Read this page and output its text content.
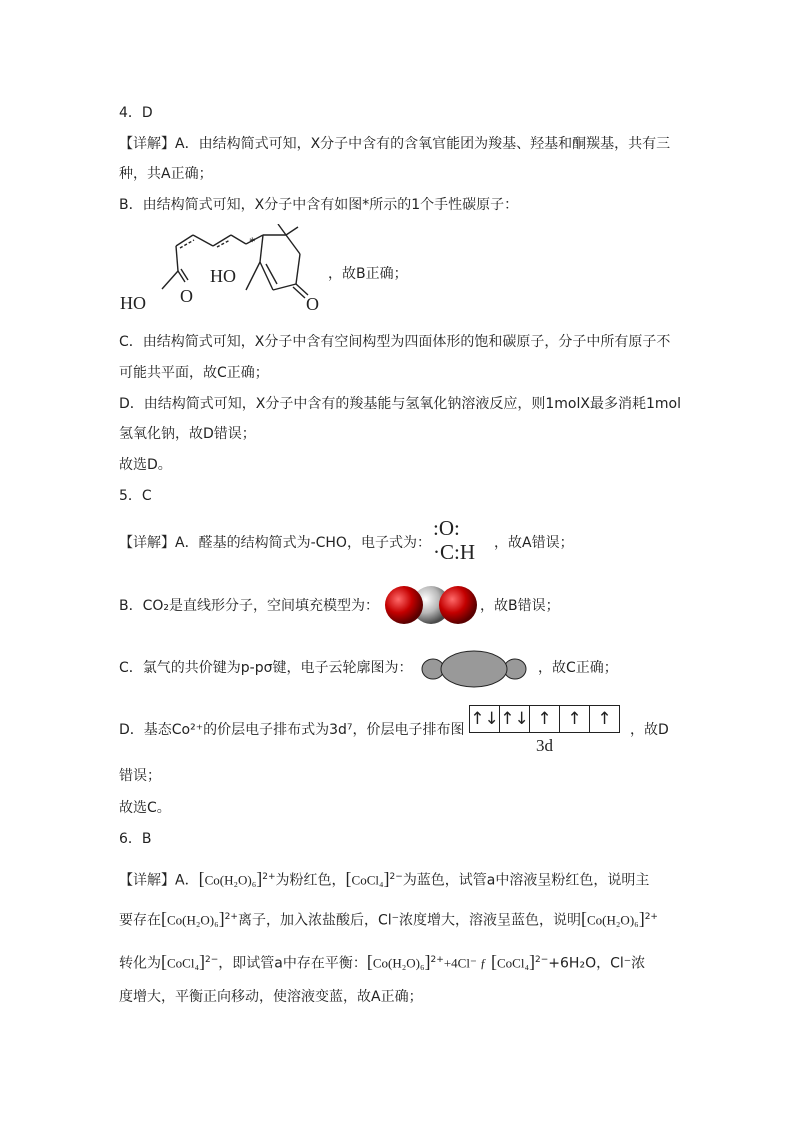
4．D
【详解】A．由结构简式可知，X分子中含有的含氧官能团为羧基、羟基和酮羰基，共有三
种，共A正确；
B．由结构简式可知，X分子中含有如图*所示的1个手性碳原子：
*
HO
HO O	O
，故B正确；
C．由结构简式可知，X分子中含有空间构型为四面体形的饱和碳原子，分子中所有原子不
可能共平面，故C正确；
D．由结构简式可知，X分子中含有的羧基能与氢氧化钠溶液反应，则1molX最多消耗1mol
氢氧化钠，故D错误；
故选D。
5．C
【详解】A．醛基的结构简式为-CHO，电子式为：
:O:
·C:H ，故A错误；
B．CO₂是直线形分子，空间填充模型为：	，故B错误；
C．氯气的共价键为p-pσ键，电子云轮廓图为：	，故C正确；
D．基态Co²⁺的价层电子排布式为3d⁷，价层电子排布图
↑↓ ↑↓ ↑ ↑ ↑
3d
，故D
错误；
故选C。
6．B
【详解】A．$[Co(H_2O)_6]^{2+}$为粉红色，[CoCl₄]$^{2-}$为蓝色，试管a中溶液呈粉红色，说明主
要存在$[Co(H_2O)_6]^{2+}$离子，加入浓盐酸后，Cl⁻浓度增大，溶液呈蓝色，说明$[Co(H_2O)_6]^{2+}$
转化为[CoCl₄]$^{2-}$，即试管a中存在平衡：$[Co(H_2O)_6]^{2+}+4Cl^-$ ƒ [CoCl₄]$^{2-}$+6H₂O，Cl⁻浓
度增大，平衡正向移动，使溶液变蓝，故A正确；
